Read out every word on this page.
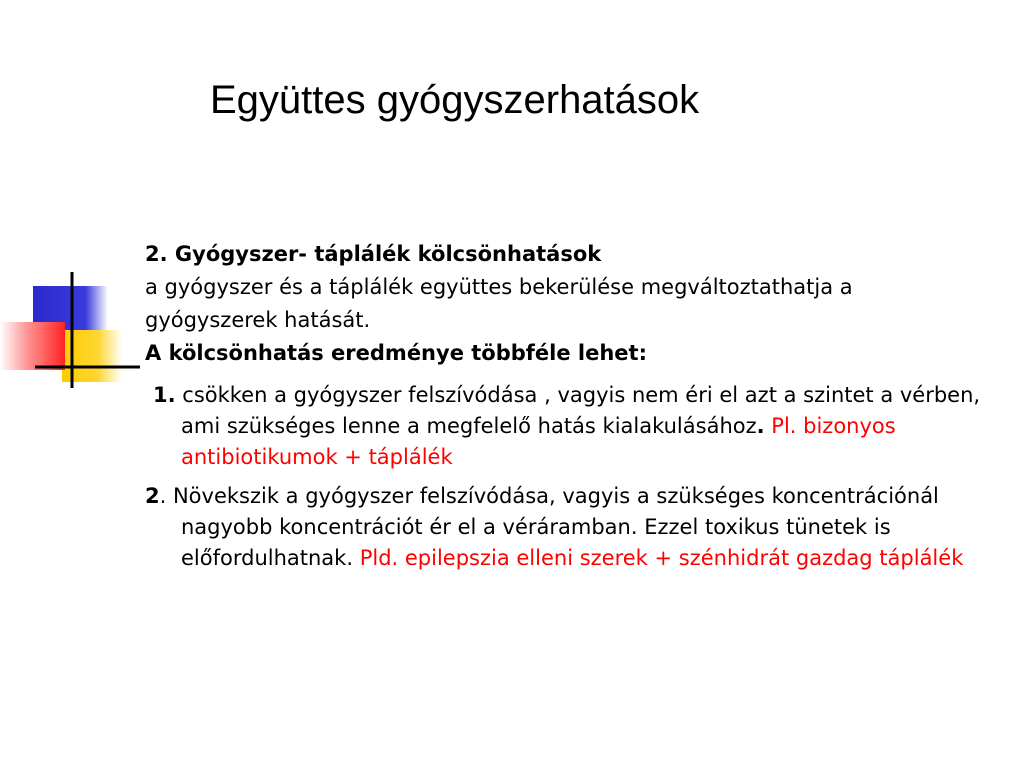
Együttes gyógyszerhatások
2. Gyógyszer- táplálék kölcsönhatások
a gyógyszer és a táplálék együttes bekerülése megváltoztathatja a
gyógyszerek hatását.
A kölcsönhatás eredménye többféle lehet:
1. csökken a gyógyszer felszívódása , vagyis nem éri el azt a szintet a vérben, ami szükséges lenne a megfelelő hatás kialakulásához. Pl. bizonyos antibiotikumok + táplálék
2. Növekszik a gyógyszer felszívódása, vagyis a szükséges koncentrációnál nagyobb koncentrációt ér el a véráramban. Ezzel toxikus tünetek is előfordulhatnak. Pld. epilepszia elleni szerek + szénhidrát gazdag táplálék
